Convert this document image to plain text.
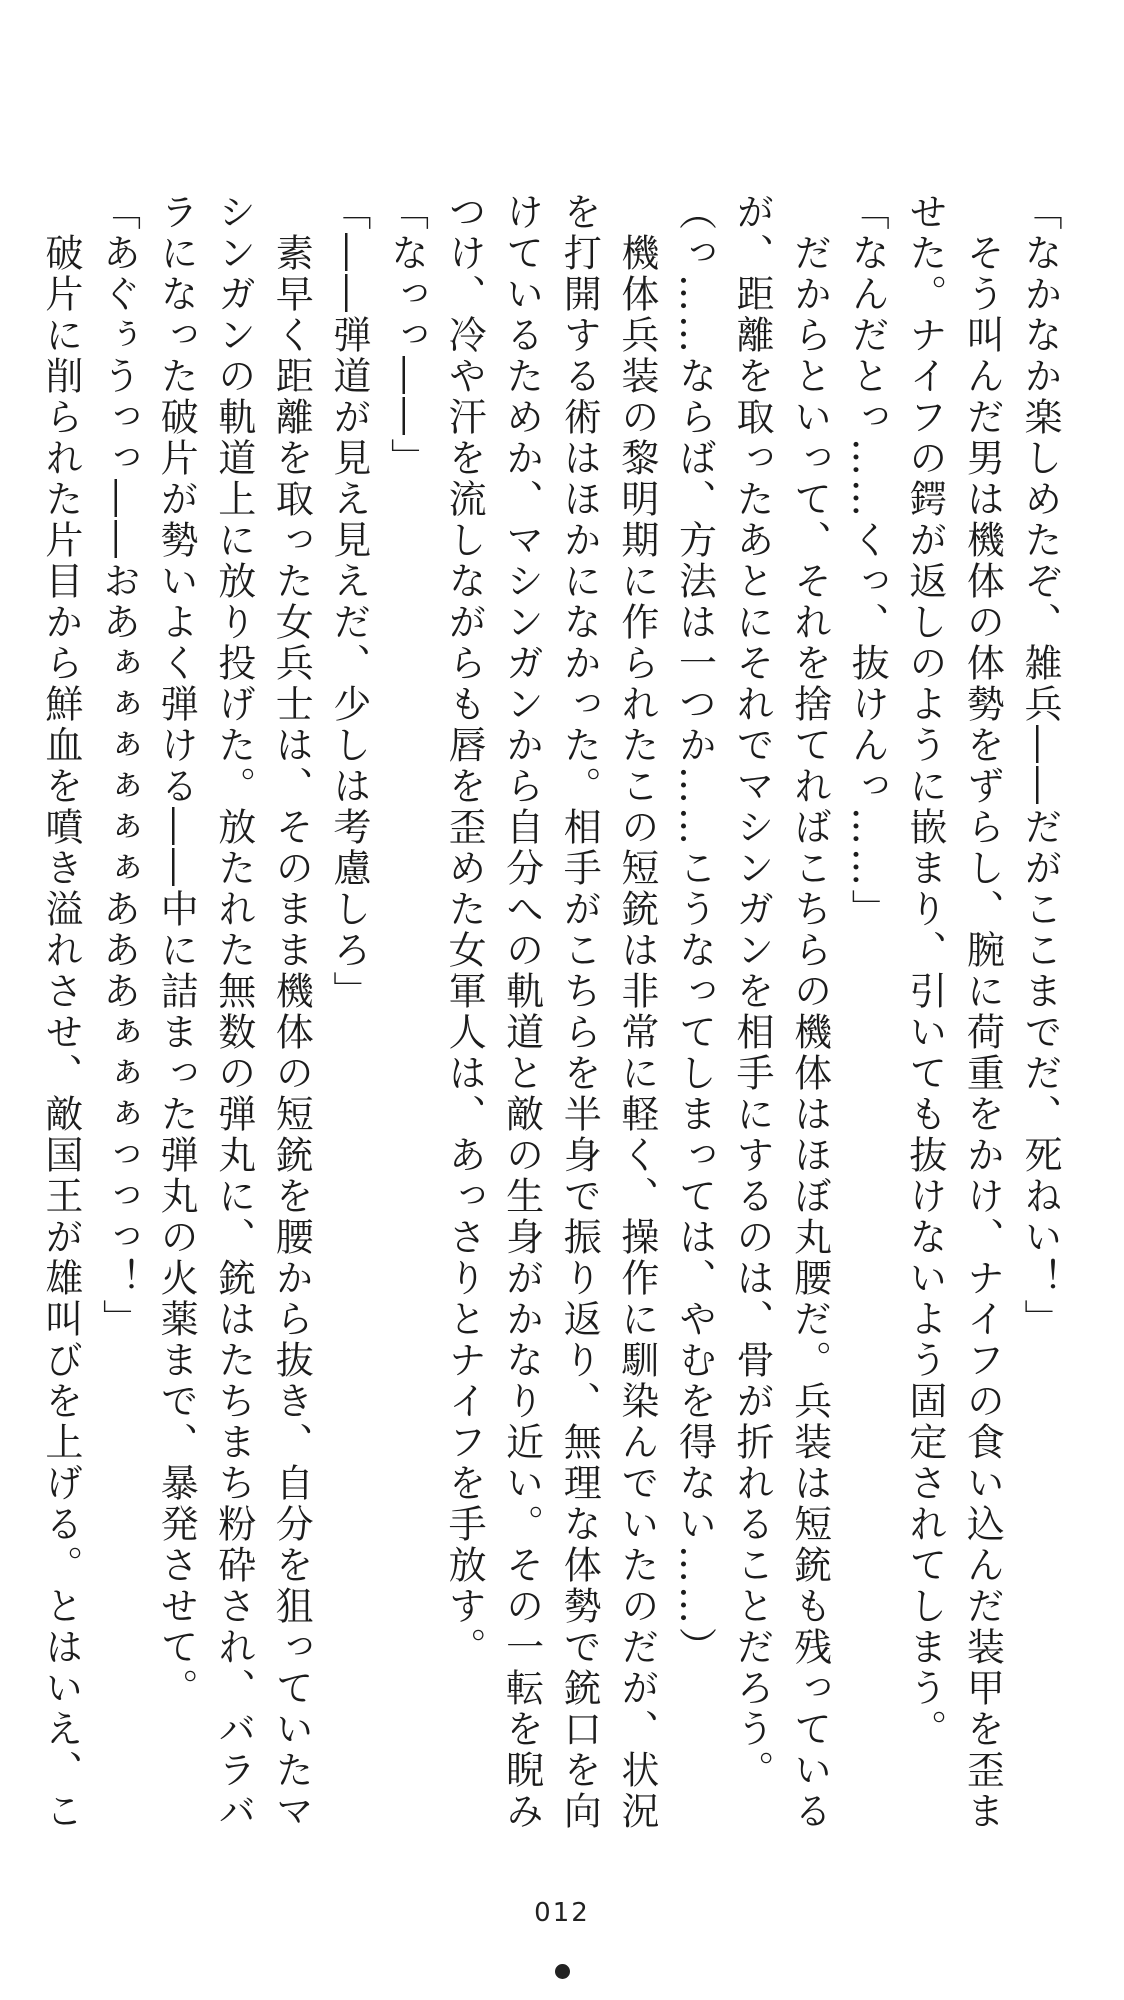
「なかなか楽しめたぞ、雑兵――だがここまでだ、死ねい！」

　そう叫んだ男は機体の体勢をずらし、腕に荷重をかけ、ナイフの食い込んだ装甲を歪ま

せた。ナイフの鍔が返しのように嵌まり、引いても抜けないよう固定されてしまう。

「なんだとっ……くっ、抜けんっ……」

　だからといって、それを捨てればこちらの機体はほぼ丸腰だ。兵装は短銃も残っている

が、距離を取ったあとにそれでマシンガンを相手にするのは、骨が折れることだろう。

（っ……ならば、方法は一つか……こうなってしまっては、やむを得ない……）

　機体兵装の黎明期に作られたこの短銃は非常に軽く、操作に馴染んでいたのだが、状況

を打開する術はほかになかった。相手がこちらを半身で振り返り、無理な体勢で銃口を向

けているためか、マシンガンから自分への軌道と敵の生身がかなり近い。その一転を睨み

つけ、冷や汗を流しながらも唇を歪めた女軍人は、あっさりとナイフを手放す。

「なっっ――」

「――弾道が見え見えだ、少しは考慮しろ」

　素早く距離を取った女兵士は、そのまま機体の短銃を腰から抜き、自分を狙っていたマ

シンガンの軌道上に放り投げた。放たれた無数の弾丸に、銃はたちまち粉砕され、バラバ

ラになった破片が勢いよく弾ける――中に詰まった弾丸の火薬まで、暴発させて。

「あぐぅうっっ――おあぁぁぁぁぁぁあああぁぁぁっっっ！」

　破片に削られた片目から鮮血を噴き溢れさせ、敵国王が雄叫びを上げる。とはいえ、こ

012
